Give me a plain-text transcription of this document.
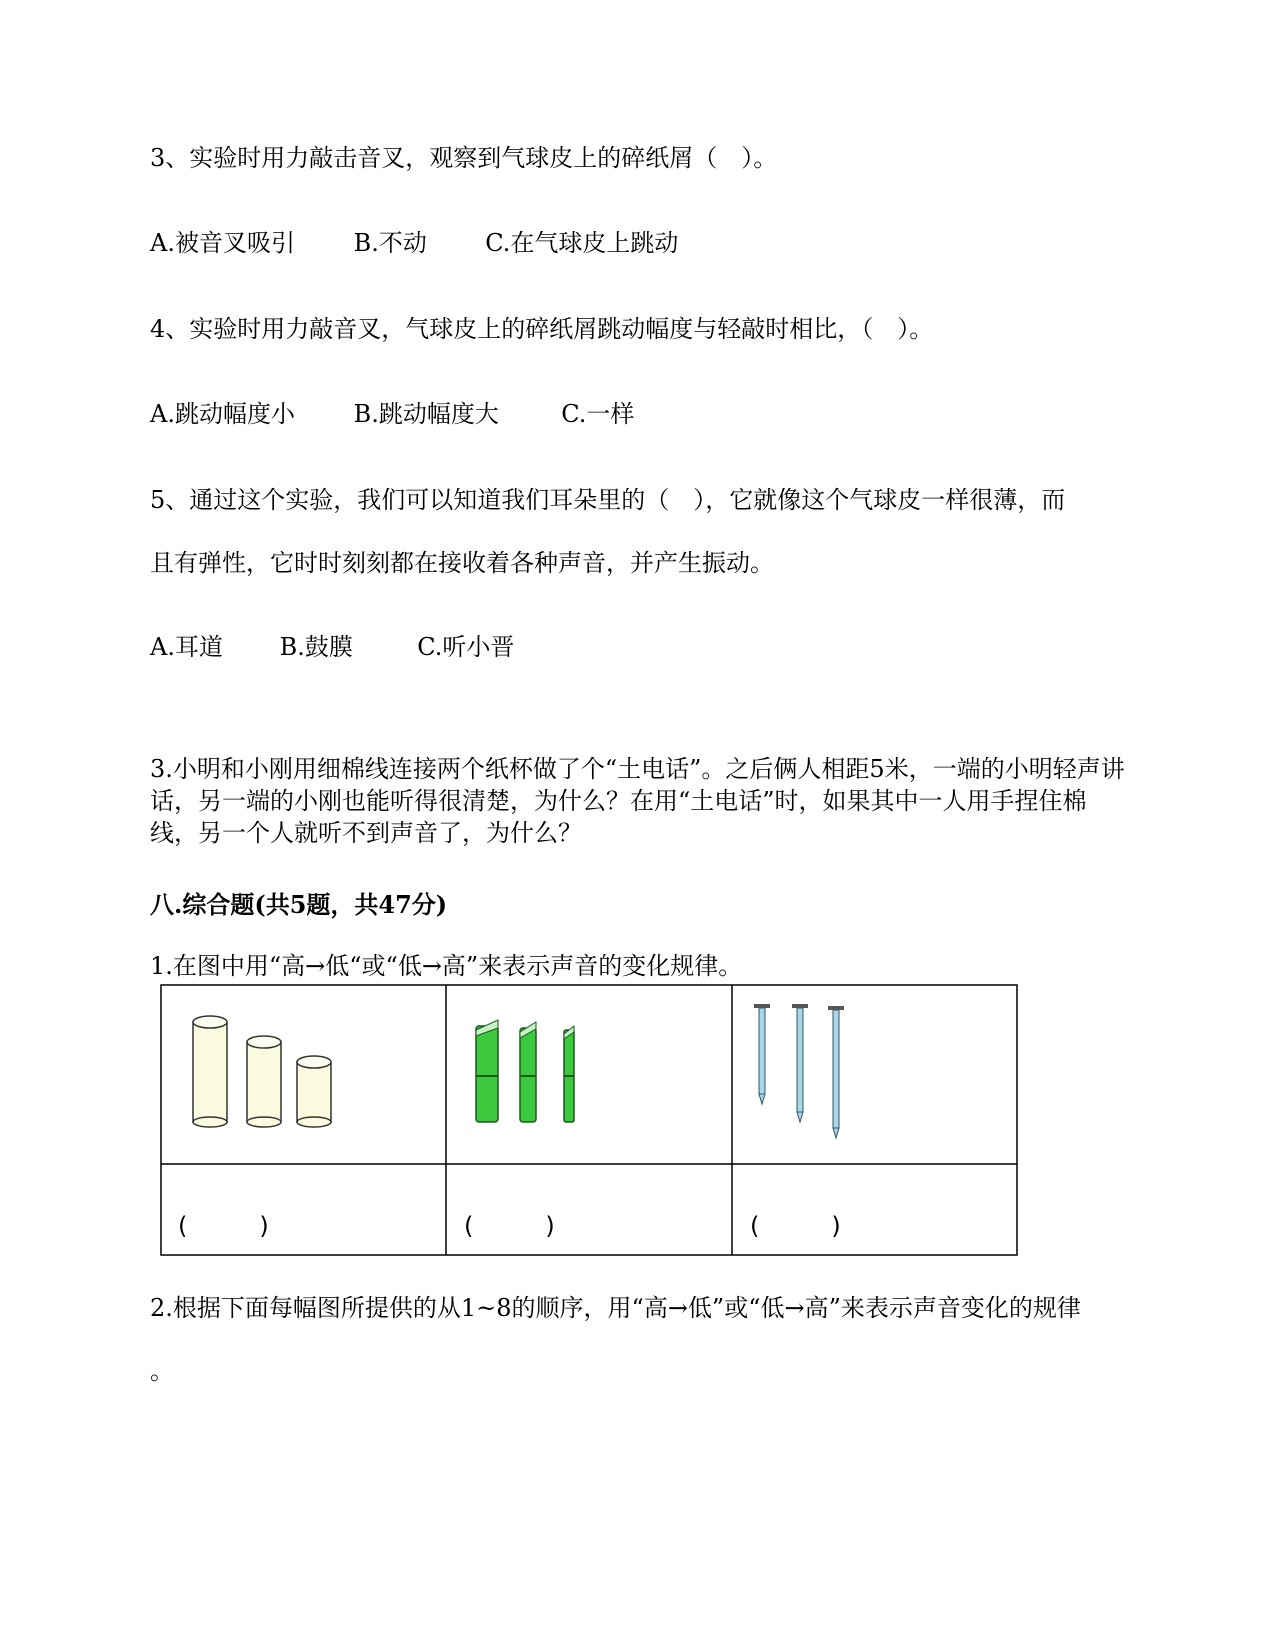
3、实验时用力敲击音叉，观察到气球皮上的碎纸屑（　）。
A.被音叉吸引 B.不动 C.在气球皮上跳动
4、实验时用力敲音叉，气球皮上的碎纸屑跳动幅度与轻敲时相比，（　）。
A.跳动幅度小 B.跳动幅度大	C.一样
5、通过这个实验，我们可以知道我们耳朵里的（　），它就像这个气球皮一样很薄，而
且有弹性，它时时刻刻都在接收着各种声音，并产生振动。
A.耳道 B.鼓膜	C.听小晋
3.小明和小刚用细棉线连接两个纸杯做了个“土电话”。之后俩人相距5米，一端的小明轻声讲话，另一端的小刚也能听得很清楚，为什么？在用“土电话”时，如果其中一人用手捏住棉线，另一个人就听不到声音了，为什么？
八.综合题(共5题，共47分)
1.在图中用“高→低“或“低→高”来表示声音的变化规律。
(　　　)	(　　　)	(　　　)
2.根据下面每幅图所提供的从1~8的顺序，用“高→低”或“低→高”来表示声音变化的规律
。
